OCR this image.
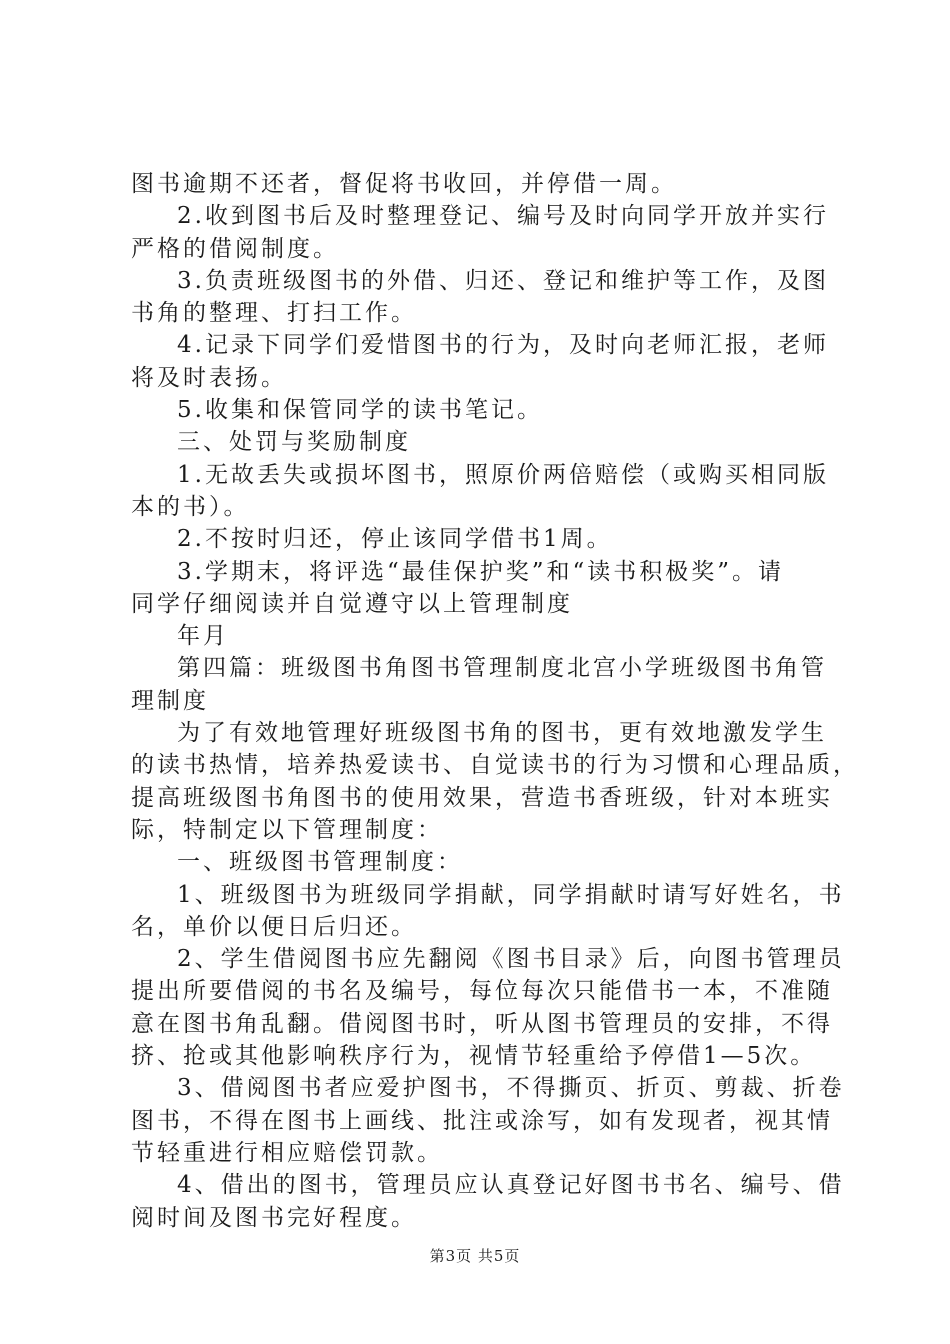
图书逾期不还者，督促将书收回，并停借一周。
2.收到图书后及时整理登记、编号及时向同学开放并实行
严格的借阅制度。
3.负责班级图书的外借、归还、登记和维护等工作，及图
书角的整理、打扫工作。
4.记录下同学们爱惜图书的行为，及时向老师汇报，老师
将及时表扬。
5.收集和保管同学的读书笔记。
三、处罚与奖励制度
1.无故丢失或损坏图书，照原价两倍赔偿（或购买相同版
本的书）。
2.不按时归还，停止该同学借书1周。
3.学期末，将评选“最佳保护奖”和“读书积极奖”。请
同学仔细阅读并自觉遵守以上管理制度
年月
第四篇：班级图书角图书管理制度北宫小学班级图书角管
理制度
为了有效地管理好班级图书角的图书，更有效地激发学生
的读书热情，培养热爱读书、自觉读书的行为习惯和心理品质，
提高班级图书角图书的使用效果，营造书香班级，针对本班实
际，特制定以下管理制度：
一、班级图书管理制度：
1、班级图书为班级同学捐献，同学捐献时请写好姓名，书
名，单价以便日后归还。
2、学生借阅图书应先翻阅《图书目录》后，向图书管理员
提出所要借阅的书名及编号，每位每次只能借书一本，不准随
意在图书角乱翻。借阅图书时，听从图书管理员的安排，不得
挤、抢或其他影响秩序行为，视情节轻重给予停借1—5次。
3、借阅图书者应爱护图书，不得撕页、折页、剪裁、折卷
图书，不得在图书上画线、批注或涂写，如有发现者，视其情
节轻重进行相应赔偿罚款。
4、借出的图书，管理员应认真登记好图书书名、编号、借
阅时间及图书完好程度。
第3页 共5页
